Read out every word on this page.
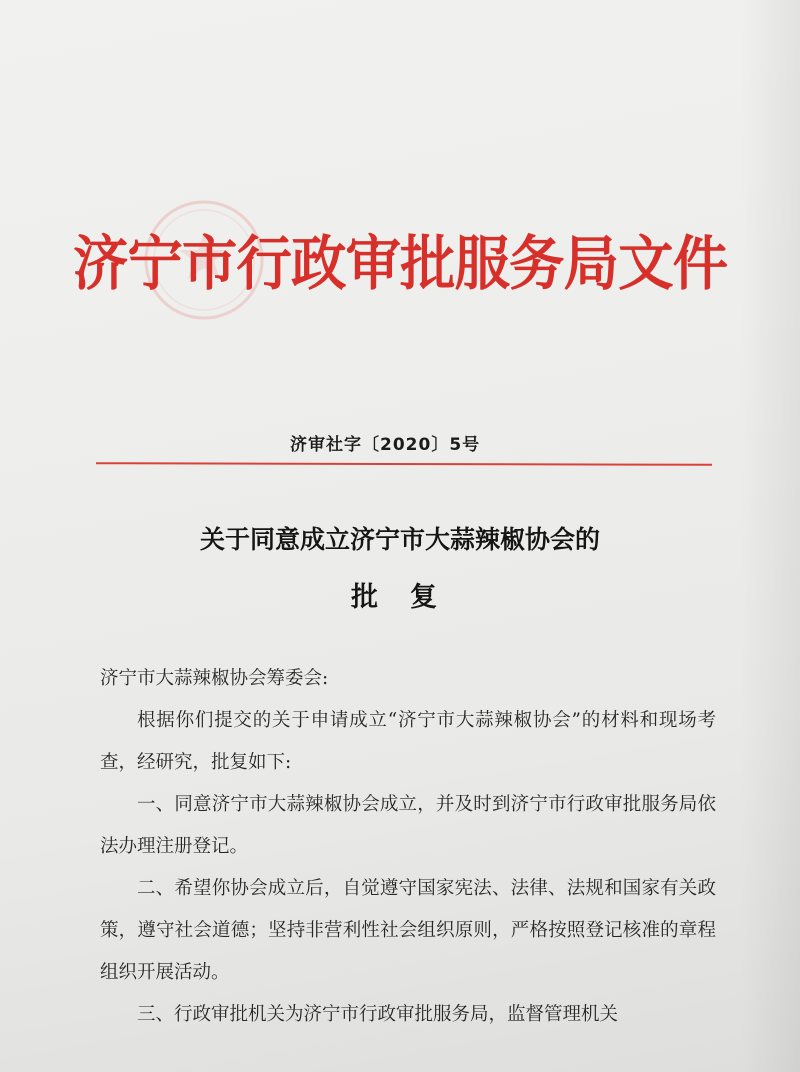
济宁市行政审批服务局文件
济审社字〔2020〕5号
关于同意成立济宁市大蒜辣椒协会的
批复

济宁市大蒜辣椒协会筹委会:

根据你们提交的关于申请成立“济宁市大蒜辣椒协会”的材料和现场考查，经研究，批复如下:

一、同意济宁市大蒜辣椒协会成立，并及时到济宁市行政审批服务局依法办理注册登记。

二、希望你协会成立后，自觉遵守国家宪法、法律、法规和国家有关政策，遵守社会道德；坚持非营利性社会组织原则，严格按照登记核准的章程组织开展活动。

三、行政审批机关为济宁市行政审批服务局，监督管理机关
